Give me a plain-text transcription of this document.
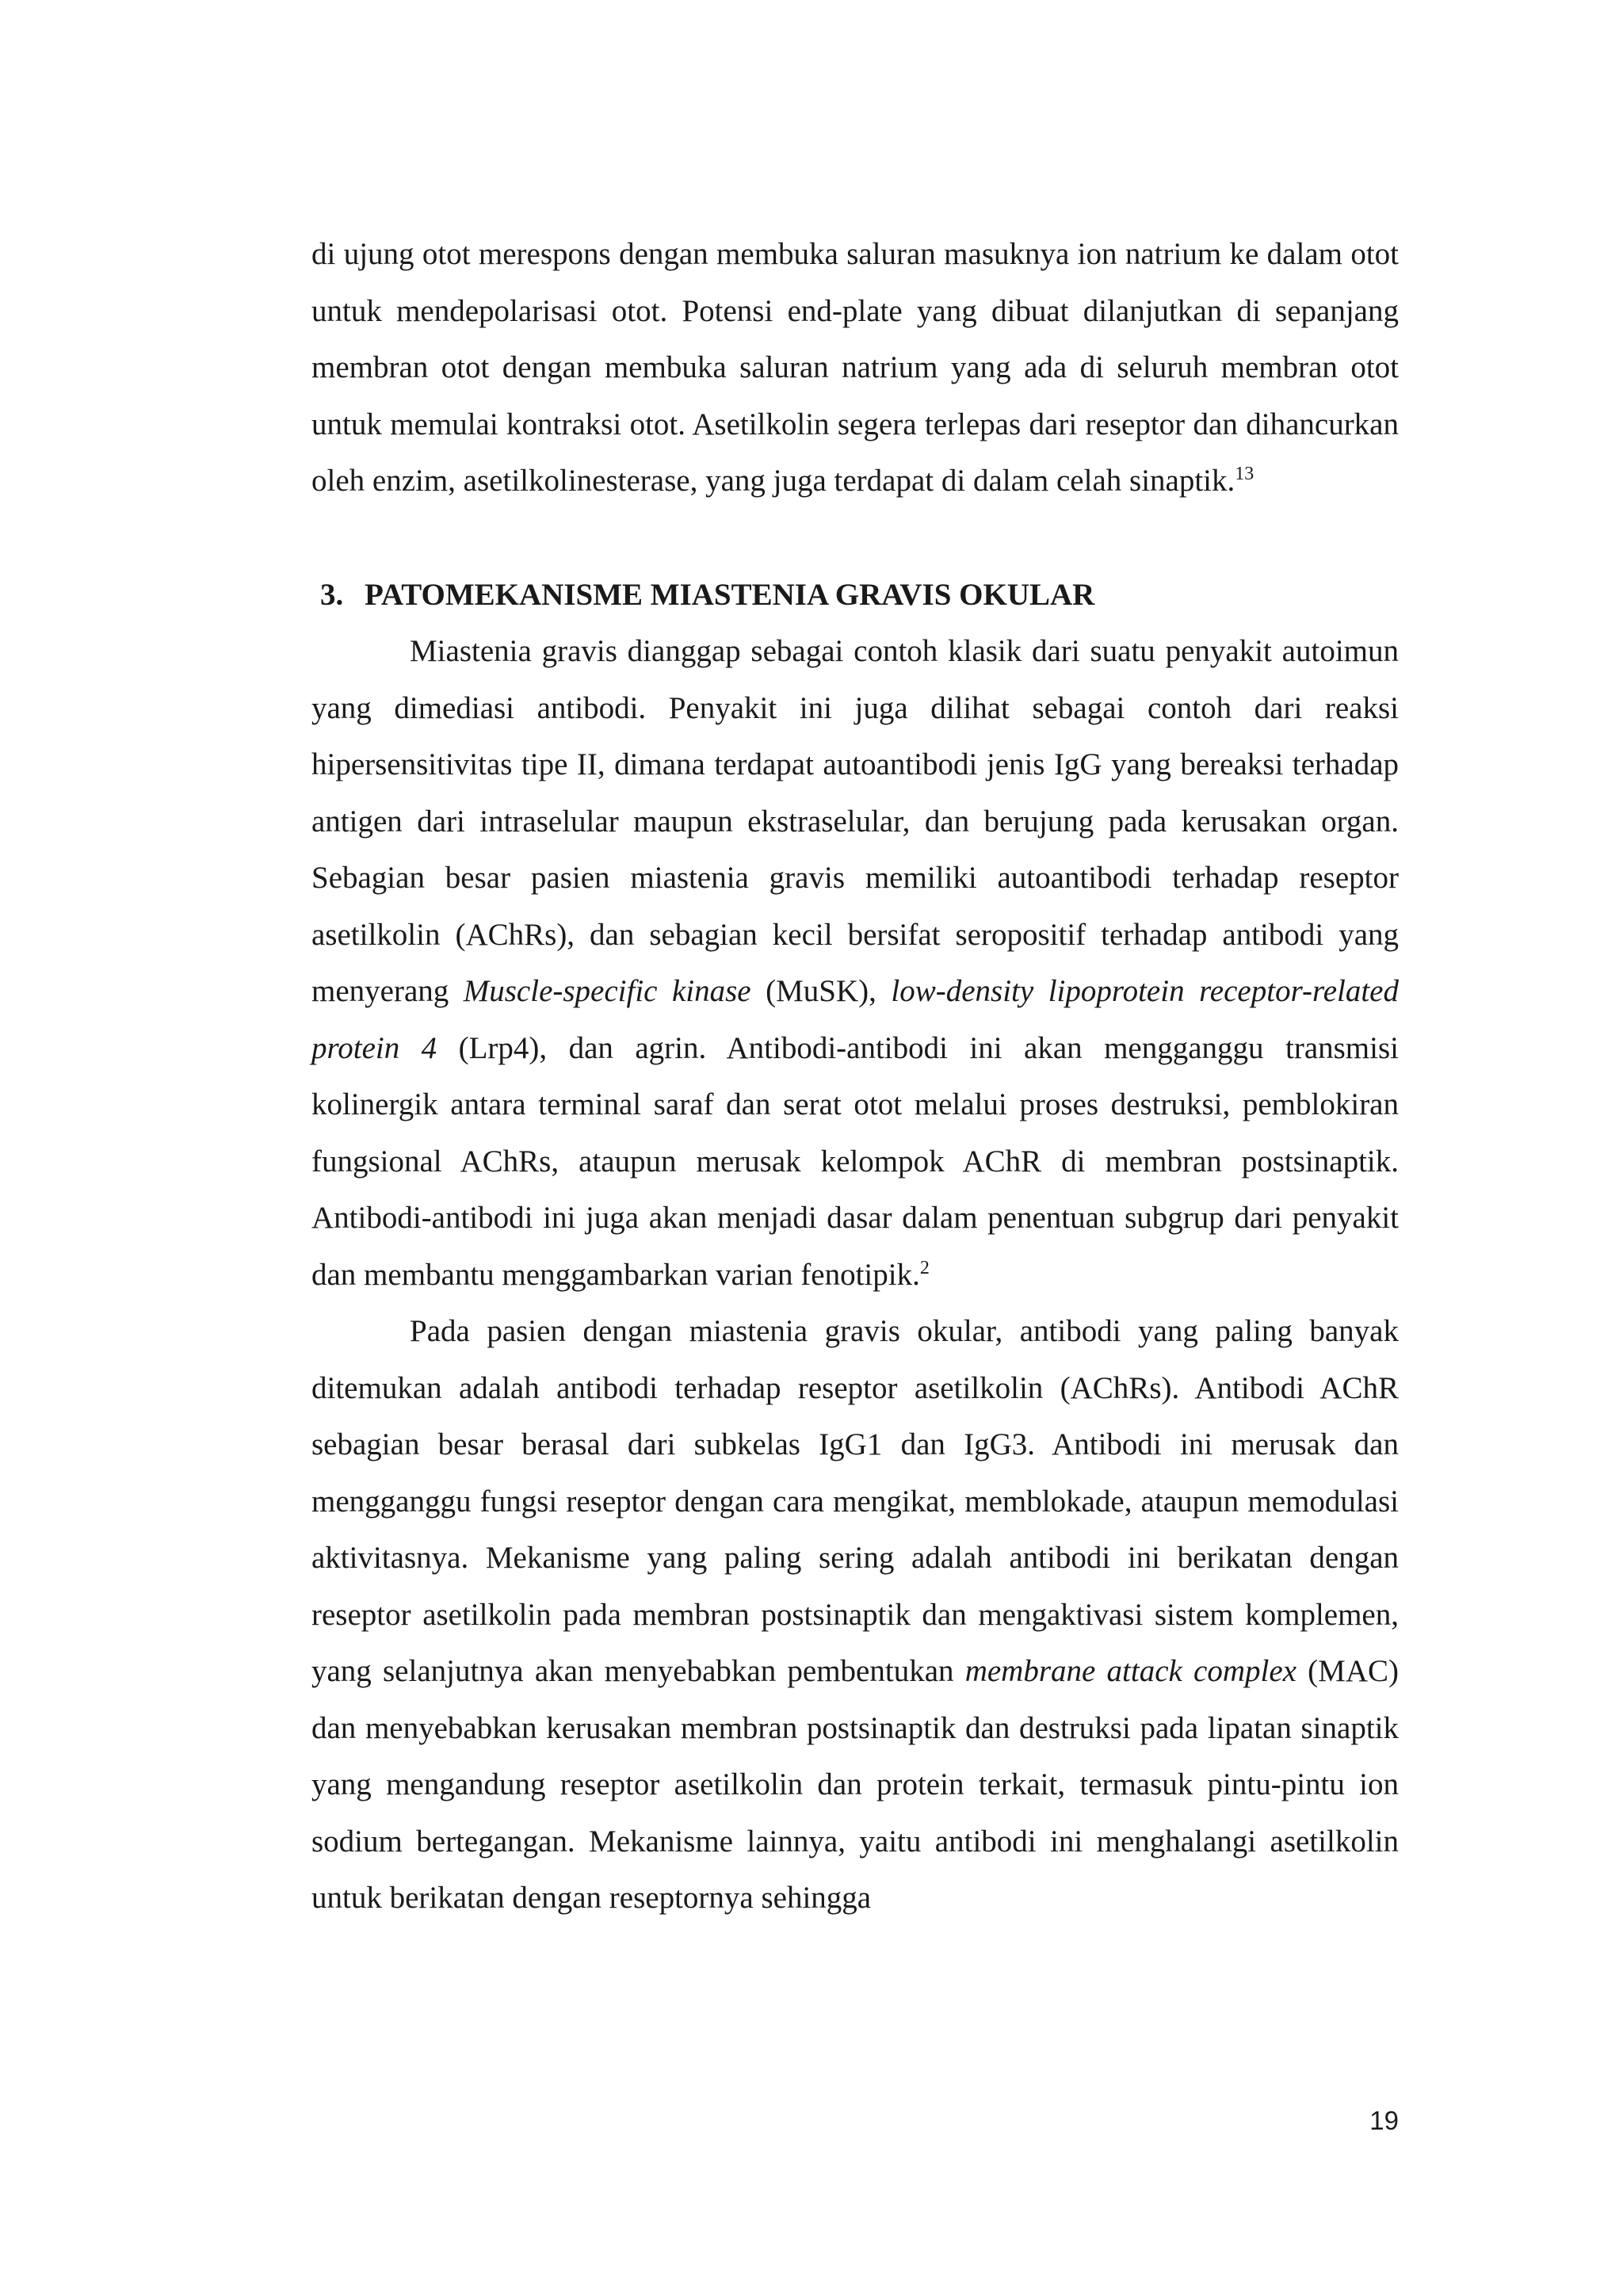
di ujung otot merespons dengan membuka saluran masuknya ion natrium ke dalam otot untuk mendepolarisasi otot. Potensi end-plate yang dibuat dilanjutkan di sepanjang membran otot dengan membuka saluran natrium yang ada di seluruh membran otot untuk memulai kontraksi otot. Asetilkolin segera terlepas dari reseptor dan dihancurkan oleh enzim, asetilkolinesterase, yang juga terdapat di dalam celah sinaptik.$^{13}$

3. PATOMEKANISME MIASTENIA GRAVIS OKULAR

Miastenia gravis dianggap sebagai contoh klasik dari suatu penyakit autoimun yang dimediasi antibodi. Penyakit ini juga dilihat sebagai contoh dari reaksi hipersensitivitas tipe II, dimana terdapat autoantibodi jenis IgG yang bereaksi terhadap antigen dari intraselular maupun ekstraselular, dan berujung pada kerusakan organ. Sebagian besar pasien miastenia gravis memiliki autoantibodi terhadap reseptor asetilkolin (AChRs), dan sebagian kecil bersifat seropositif terhadap antibodi yang menyerang Muscle-specific kinase (MuSK), low-density lipoprotein receptor-related protein 4 (Lrp4), dan agrin. Antibodi-antibodi ini akan mengganggu transmisi kolinergik antara terminal saraf dan serat otot melalui proses destruksi, pemblokiran fungsional AChRs, ataupun merusak kelompok AChR di membran postsinaptik. Antibodi-antibodi ini juga akan menjadi dasar dalam penentuan subgrup dari penyakit dan membantu menggambarkan varian fenotipik.$^2$

Pada pasien dengan miastenia gravis okular, antibodi yang paling banyak ditemukan adalah antibodi terhadap reseptor asetilkolin (AChRs). Antibodi AChR sebagian besar berasal dari subkelas IgG1 dan IgG3. Antibodi ini merusak dan mengganggu fungsi reseptor dengan cara mengikat, memblokade, ataupun memodulasi aktivitasnya. Mekanisme yang paling sering adalah antibodi ini berikatan dengan reseptor asetilkolin pada membran postsinaptik dan mengaktivasi sistem komplemen, yang selanjutnya akan menyebabkan pembentukan membrane attack complex (MAC) dan menyebabkan kerusakan membran postsinaptik dan destruksi pada lipatan sinaptik yang mengandung reseptor asetilkolin dan protein terkait, termasuk pintu-pintu ion sodium bertegangan. Mekanisme lainnya, yaitu antibodi ini menghalangi asetilkolin untuk berikatan dengan reseptornya sehingga

19
